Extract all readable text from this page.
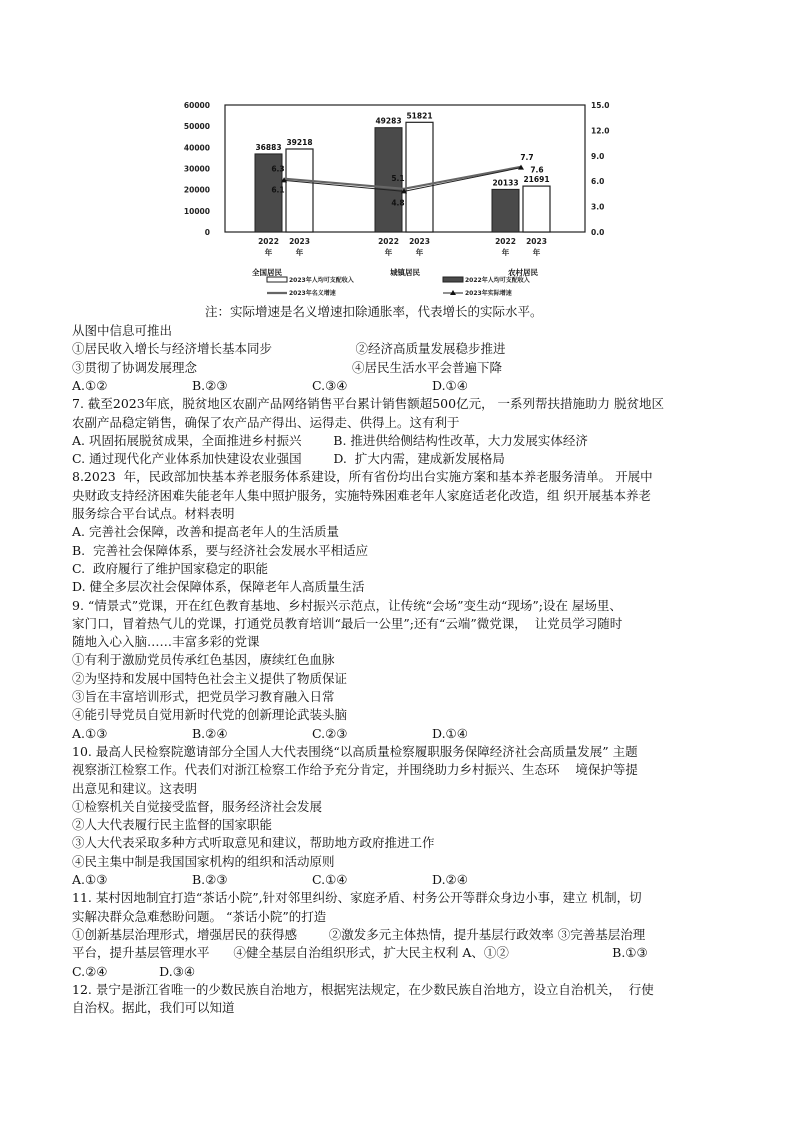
0
10000
20000
30000
40000
50000
60000
0.0
3.0
6.0
9.0
12.0
15.0
36883
39218
2022 2023
年	年
49283
51821
2022 2023
年	年
20133 21691
2022 2023
年	年
6.3
5.1
7.7
6.1
4.8
7.6
全国居民	城镇居民	农村居民
2023年人均可支配收入	2022年人均可支配收入
2023年名义增速	2023年实际增速
注：实际增速是名义增速扣除通胀率，代表增长的实际水平。
从图中信息可推出
①居民收入增长与经济增长基本同步                     ②经济高质量发展稳步推进
③贯彻了协调发展理念                                       ④居民生活水平会普遍下降
A.①②	B.②③	C.③④	D.①④
7. 截至2023年底，脱贫地区农副产品网络销售平台累计销售额超500亿元， 一系列帮扶措施助力 脱贫地区
农副产品稳定销售，确保了农产品产得出、运得走、供得上。这有利于
A. 巩固拓展脱贫成果，全面推进乡村振兴        B. 推进供给侧结构性改革，大力发展实体经济
C. 通过现代化产业体系加快建设农业强国        D.  扩大内需，建成新发展格局
8.2023  年，民政部加快基本养老服务体系建设，所有省份均出台实施方案和基本养老服务清单。 开展中
央财政支持经济困难失能老年人集中照护服务，实施特殊困难老年人家庭适老化改造，组 织开展基本养老
服务综合平台试点。材料表明
A. 完善社会保障，改善和提高老年人的生活质量
B.  完善社会保障体系，要与经济社会发展水平相适应
C.  政府履行了维护国家稳定的职能
D. 健全多层次社会保障体系，保障老年人高质量生活
9. “情景式”党课，开在红色教育基地、乡村振兴示范点，让传统“会场”变生动“现场”;设在 屋场里、
家门口，冒着热气儿的党课，打通党员教育培训“最后一公里”;还有“云端”微党课，  让党员学习随时
随地入心入脑……丰富多彩的党课
①有利于激励党员传承红色基因，赓续红色血脉
②为坚持和发展中国特色社会主义提供了物质保证
③旨在丰富培训形式，把党员学习教育融入日常
④能引导党员自觉用新时代党的创新理论武装头脑
A.①③	B.②④	C.②③	D.①④
10. 最高人民检察院邀请部分全国人大代表围绕“以高质量检察履职服务保障经济社会高质量发展” 主题
视察浙江检察工作。代表们对浙江检察工作给予充分肯定，并围绕助力乡村振兴、生态环    境保护等提
出意见和建议。这表明
①检察机关自觉接受监督，服务经济社会发展
②人大代表履行民主监督的国家职能
③人大代表采取多种方式听取意见和建议，帮助地方政府推进工作
④民主集中制是我国国家机构的组织和活动原则
A.①③	B.②③	C.①④	D.②④
11. 某村因地制宜打造“茶话小院”,针对邻里纠纷、家庭矛盾、村务公开等群众身边小事，建立 机制，切
实解决群众急难愁盼问题。 “茶话小院”的打造
①创新基层治理形式，增强居民的获得感        ②激发多元主体热情，提升基层行政效率 ③完善基层治理
平台，提升基层管理水平      ④健全基层自治组织形式，扩大民主权利 A、①②                          B.①③
C.②④             D.③④
12. 景宁是浙江省唯一的少数民族自治地方，根据宪法规定，在少数民族自治地方，设立自治机关，  行使
自治权。据此，我们可以知道
